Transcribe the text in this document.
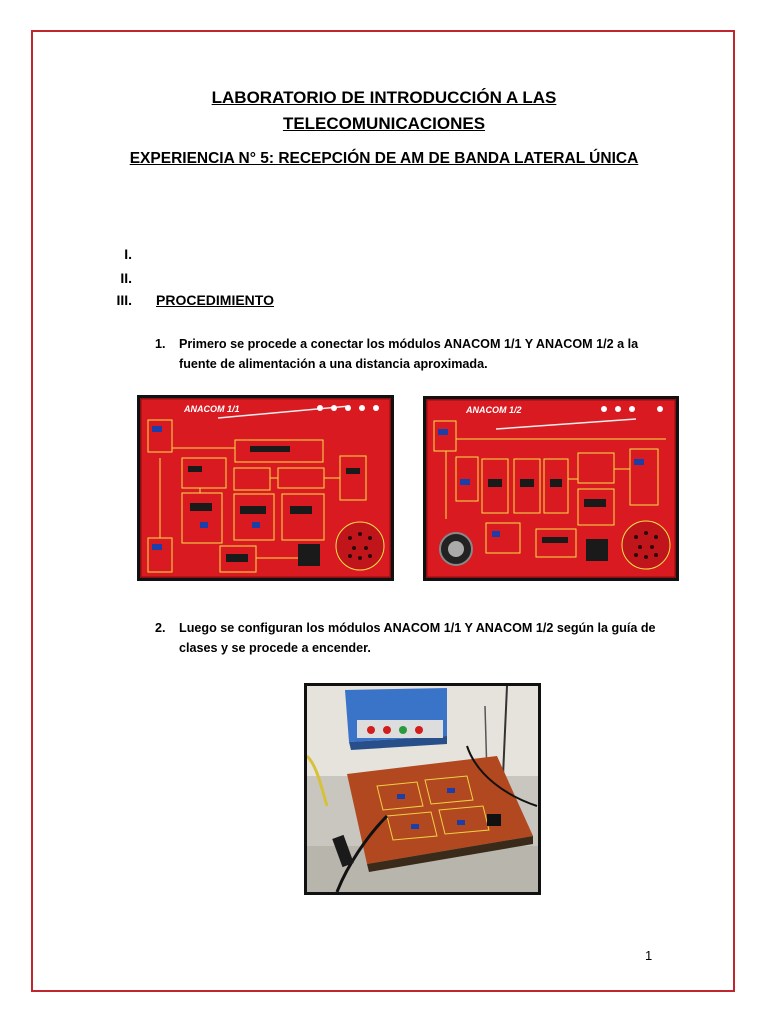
LABORATORIO DE INTRODUCCIÓN A LAS
TELECOMUNICACIONES
EXPERIENCIA N° 5: RECEPCIÓN DE AM DE BANDA LATERAL ÚNICA
I.
II.
III. PROCEDIMIENTO
1. Primero se procede a conectar los módulos ANACOM 1/1 Y ANACOM 1/2 a la fuente de alimentación a una distancia aproximada.
ANACOM 1/1	ANACOM 1/2
2. Luego se configuran los módulos ANACOM 1/1 Y ANACOM 1/2 según la guía de clases y se procede a encender.
1
